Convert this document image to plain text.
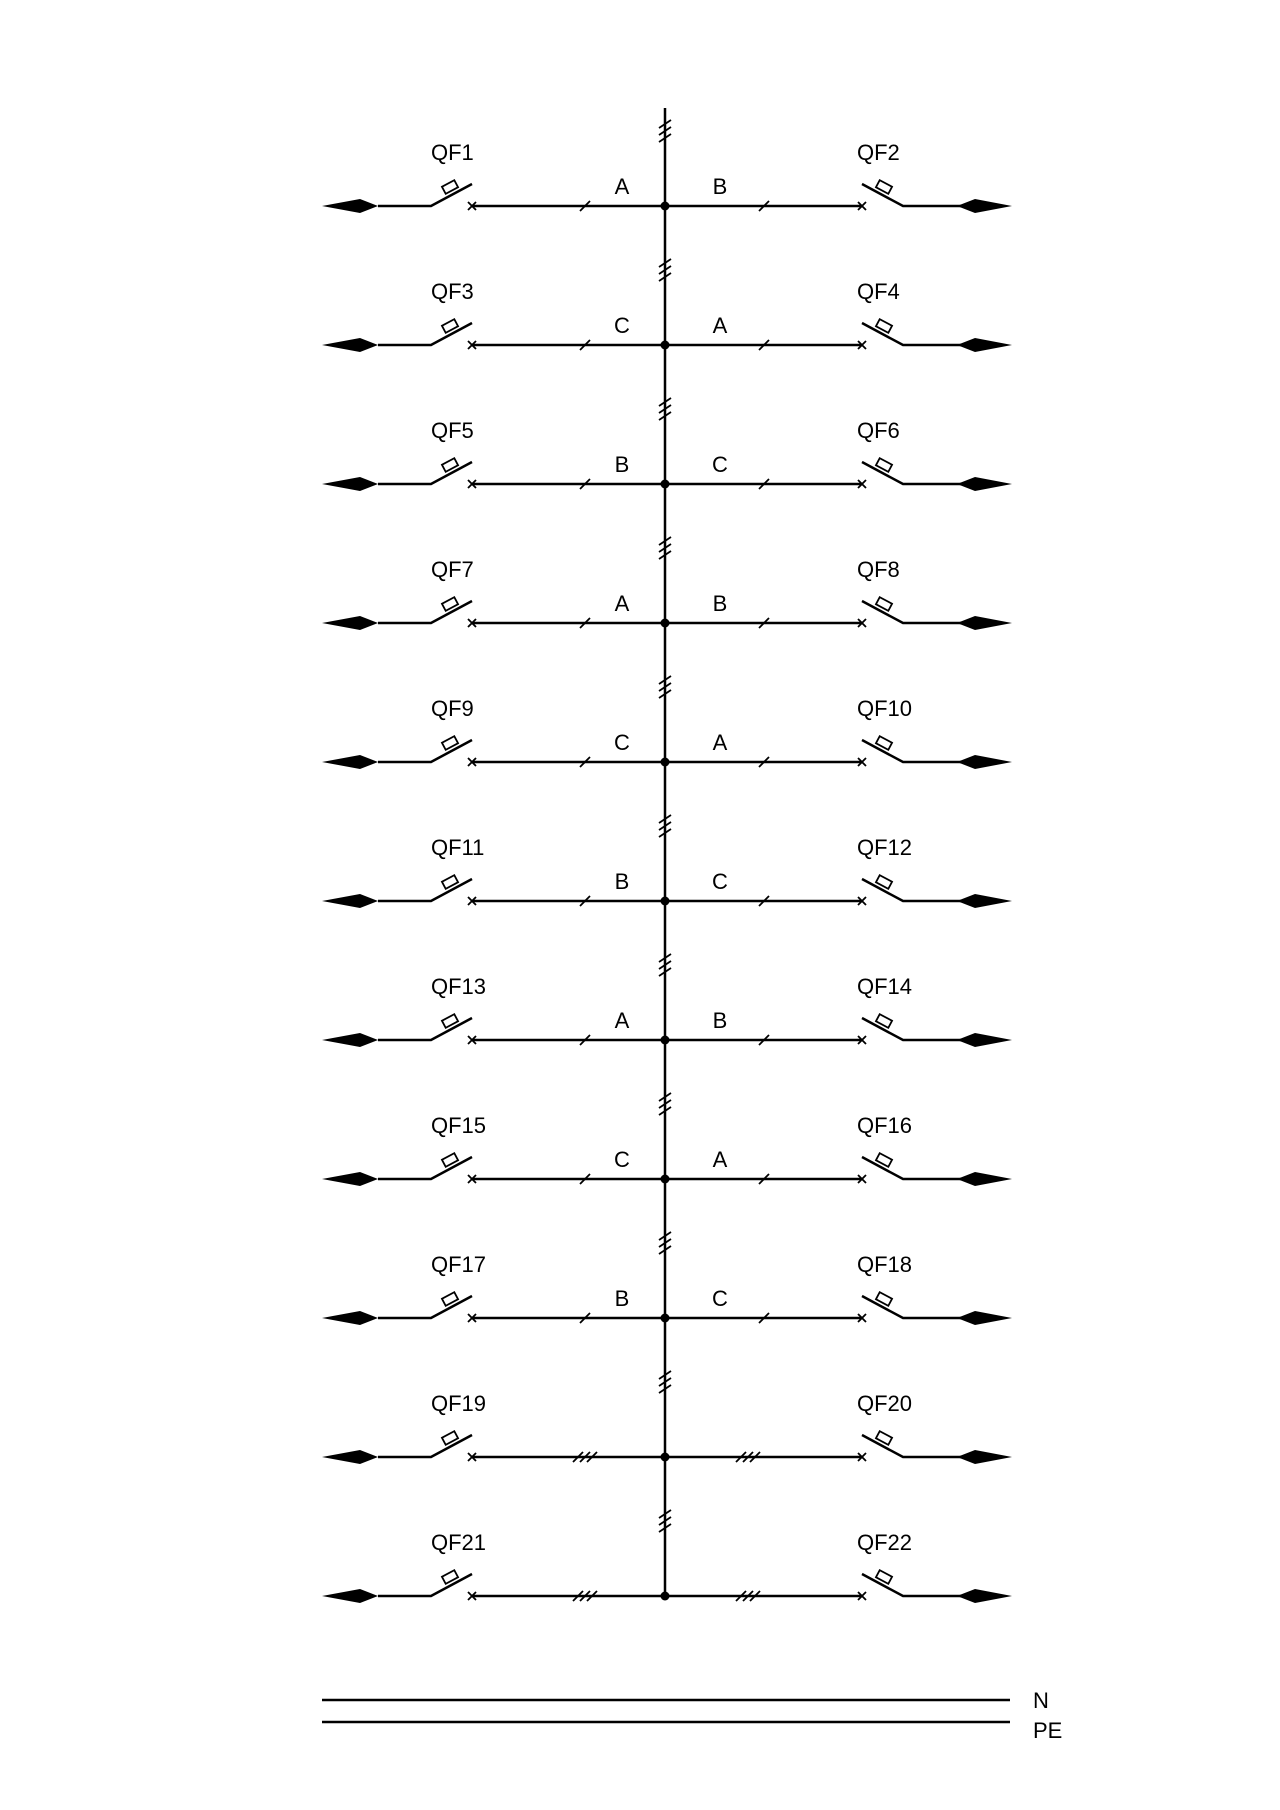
A
QF1
B
QF2
C
QF3
A
QF4
B
QF5
C
QF6
A
QF7
B
QF8
C
QF9
A
QF10
B
QF11
C
QF12
A
QF13
B
QF14
C
QF15
A
QF16
B
QF17
C
QF18
QF19	QF20
QF21	QF22
N
PE
